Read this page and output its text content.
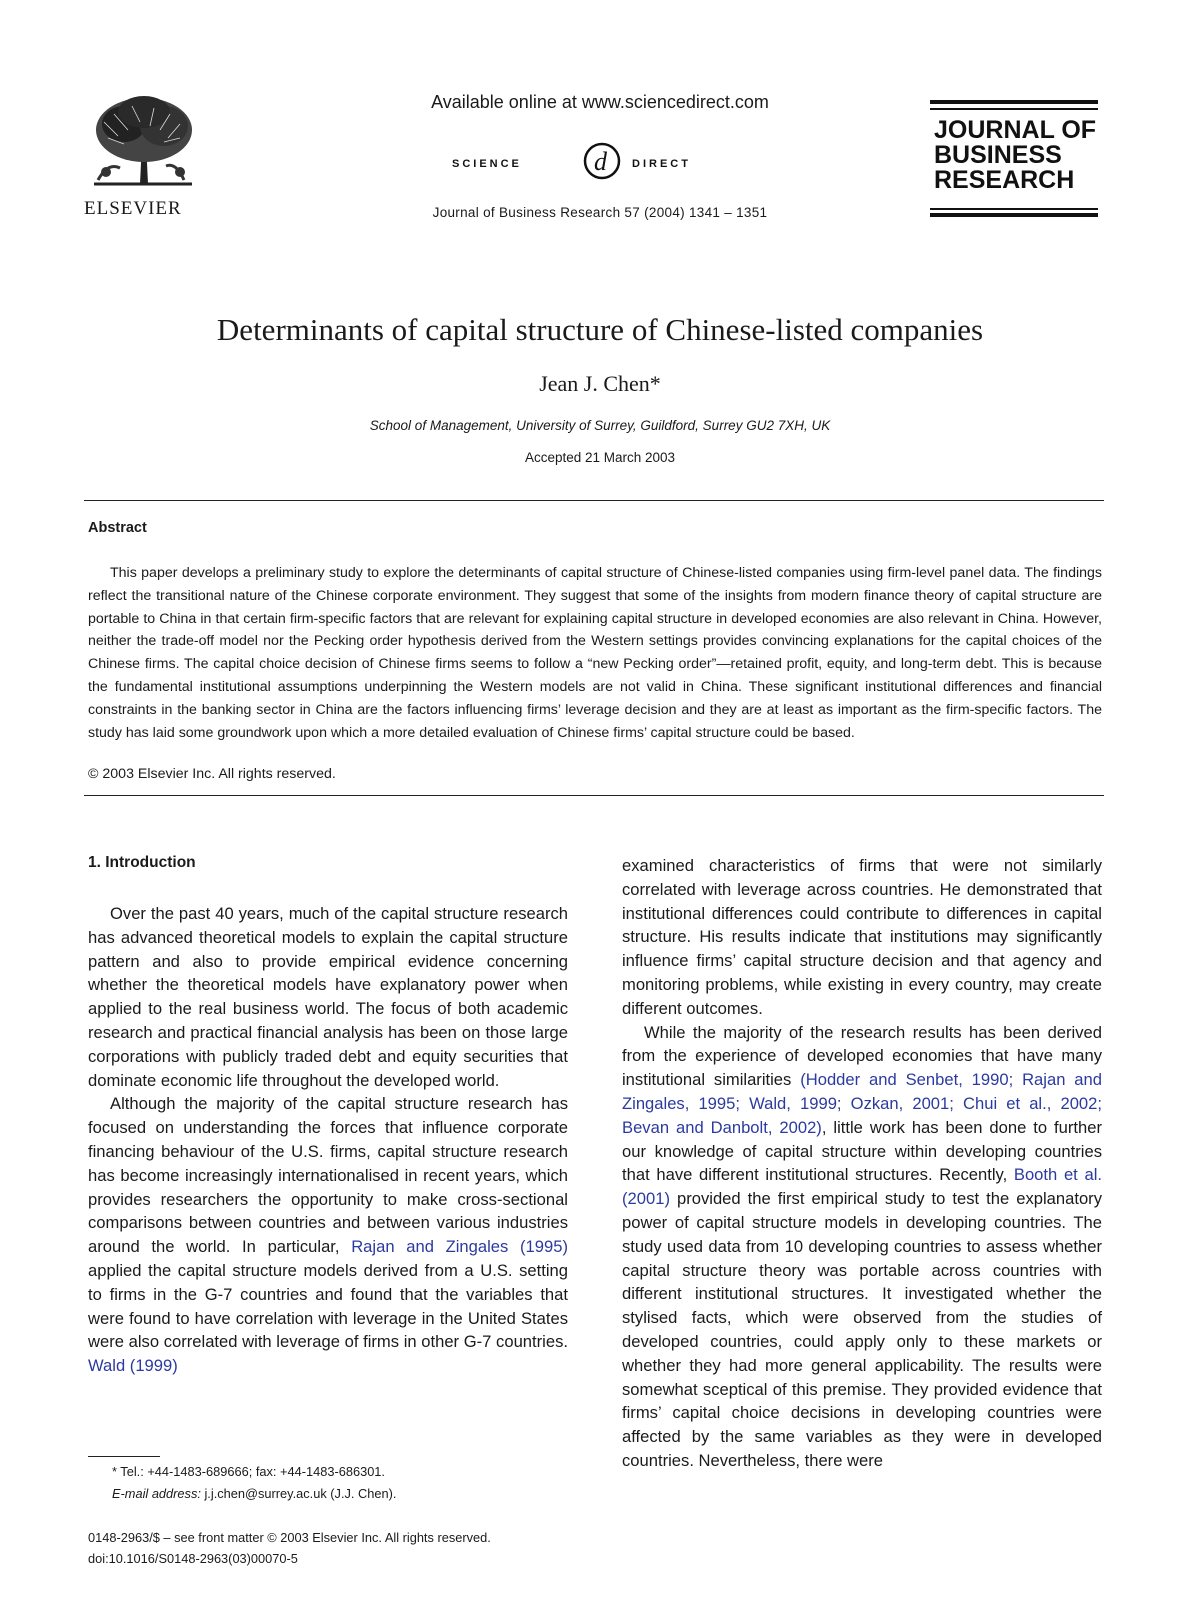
ELSEVIER
Available online at www.sciencedirect.com
SCIENCE	d DIRECT
Journal of Business Research 57 (2004) 1341 – 1351
JOURNAL OF
BUSINESS
RESEARCH
Determinants of capital structure of Chinese-listed companies
Jean J. Chen*
School of Management, University of Surrey, Guildford, Surrey GU2 7XH, UK
Accepted 21 March 2003
Abstract

This paper develops a preliminary study to explore the determinants of capital structure of Chinese-listed companies using firm-level panel data. The findings reflect the transitional nature of the Chinese corporate environment. They suggest that some of the insights from modern finance theory of capital structure are portable to China in that certain firm-specific factors that are relevant for explaining capital structure in developed economies are also relevant in China. However, neither the trade-off model nor the Pecking order hypothesis derived from the Western settings provides convincing explanations for the capital choices of the Chinese firms. The capital choice decision of Chinese firms seems to follow a “new Pecking order”—retained profit, equity, and long-term debt. This is because the fundamental institutional assumptions underpinning the Western models are not valid in China. These significant institutional differences and financial constraints in the banking sector in China are the factors influencing firms’ leverage decision and they are at least as important as the firm-specific factors. The study has laid some groundwork upon which a more detailed evaluation of Chinese firms’ capital structure could be based.

© 2003 Elsevier Inc. All rights reserved.
1. Introduction

Over the past 40 years, much of the capital structure research has advanced theoretical models to explain the capital structure pattern and also to provide empirical evidence concerning whether the theoretical models have explanatory power when applied to the real business world. The focus of both academic research and practical financial analysis has been on those large corporations with publicly traded debt and equity securities that dominate economic life throughout the developed world.

Although the majority of the capital structure research has focused on understanding the forces that influence corporate financing behaviour of the U.S. firms, capital structure research has become increasingly internationalised in recent years, which provides researchers the opportunity to make cross-sectional comparisons between countries and between various industries around the world. In particular, Rajan and Zingales (1995) applied the capital structure models derived from a U.S. setting to firms in the G-7 countries and found that the variables that were found to have correlation with leverage in the United States were also correlated with leverage of firms in other G-7 countries. Wald (1999)

examined characteristics of firms that were not similarly correlated with leverage across countries. He demonstrated that institutional differences could contribute to differences in capital structure. His results indicate that institutions may significantly influence firms’ capital structure decision and that agency and monitoring problems, while existing in every country, may create different outcomes.

While the majority of the research results has been derived from the experience of developed economies that have many institutional similarities (Hodder and Senbet, 1990; Rajan and Zingales, 1995; Wald, 1999; Ozkan, 2001; Chui et al., 2002; Bevan and Danbolt, 2002), little work has been done to further our knowledge of capital structure within developing countries that have different institutional structures. Recently, Booth et al. (2001) provided the first empirical study to test the explanatory power of capital structure models in developing countries. The study used data from 10 developing countries to assess whether capital structure theory was portable across countries with different institutional structures. It investigated whether the stylised facts, which were observed from the studies of developed countries, could apply only to these markets or whether they had more general applicability. The results were somewhat sceptical of this premise. They provided evidence that firms’ capital choice decisions in developing countries were affected by the same variables as they were in developed countries. Nevertheless, there were

* Tel.: +44-1483-689666; fax: +44-1483-686301.
E-mail address: j.j.chen@surrey.ac.uk (J.J. Chen).
0148-2963/$ – see front matter © 2003 Elsevier Inc. All rights reserved.
doi:10.1016/S0148-2963(03)00070-5
